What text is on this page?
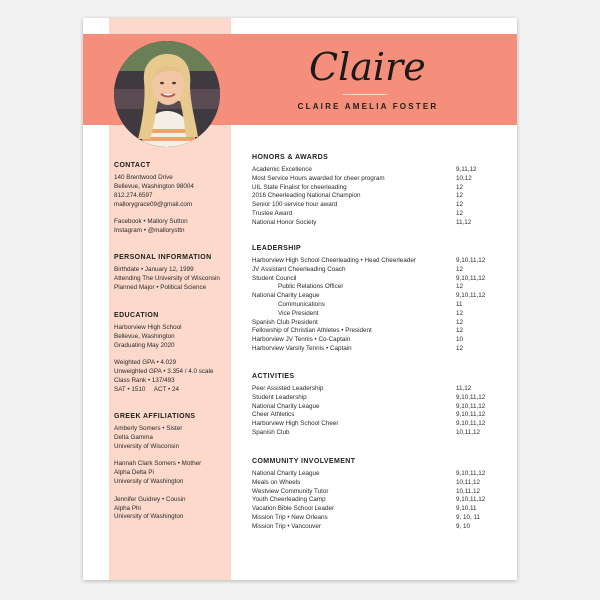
Claire
CLAIRE AMELIA FOSTER
CONTACT
140 Brentwood Drive
Bellevue, Washington 98004
812.274.6597
mallorygrace09@gmail.com
Facebook • Mallory Sutton
Instagram • @mallorysttn
PERSONAL INFORMATION
Birthdate • January 12, 1999
Attending The University of Wisconsin
Planned Major • Political Science
EDUCATION
Harborview High School
Bellevue, Washington
Graduating May 2020
Weighted GPA • 4.029
Unweighted GPA • 3.354 / 4.0 scale
Class Rank • 137/493
SAT • 1510     ACT • 24
GREEK AFFILIATIONS
Amberly Somers • Sister
Delta Gamma
University of Wisconsin
Hannah Clark Somers • Mother
Alpha Delta Pi
University of Washington
Jennifer Guidrey • Cousin
Alpha Phi
University of Washington
HONORS & AWARDS
Academic Excellence	9,11,12
Most Service Hours awarded for cheer program	10,12
UIL State Finalist for cheerleading	12
2016 Cheerleading National Champion	12
Senior 100 service hour award	12
Trustee Award	12
National Honor Society	11,12
LEADERSHIP
Harborview High School Cheerleading • Head Cheerleader	9,10,11,12
JV Assistant Cheerleading Coach	12
Student Council	9,10,11,12
Public Relations Officer	12
National Charity League	9,10,11,12
Communications	11
Vice President	12
Spanish Club President	12
Fellowship of Christian Athletes • President	12
Harborview JV Tennis • Co-Captain	10
Harborview Varsity Tennis • Captain	12
ACTIVITIES
Peer Assisted Leadership	11,12
Student Leadership	9,10,11,12
National Charity League	9,10,11,12
Cheer Athletics	9,10,11,12
Harborview High School Cheer	9,10,11,12
Spanish Club	10,11,12
COMMUNITY INVOLVEMENT
National Charity League	9,10,11,12
Meals on Wheels	10,11,12
Westview Community Tutor	10,11,12
Youth Cheerleading Camp	9,10,11,12
Vacation Bible School Leader	9,10,11
Mission Trip • New Orleans	9, 10, 11
Mission Trip • Vancouver	9, 10
